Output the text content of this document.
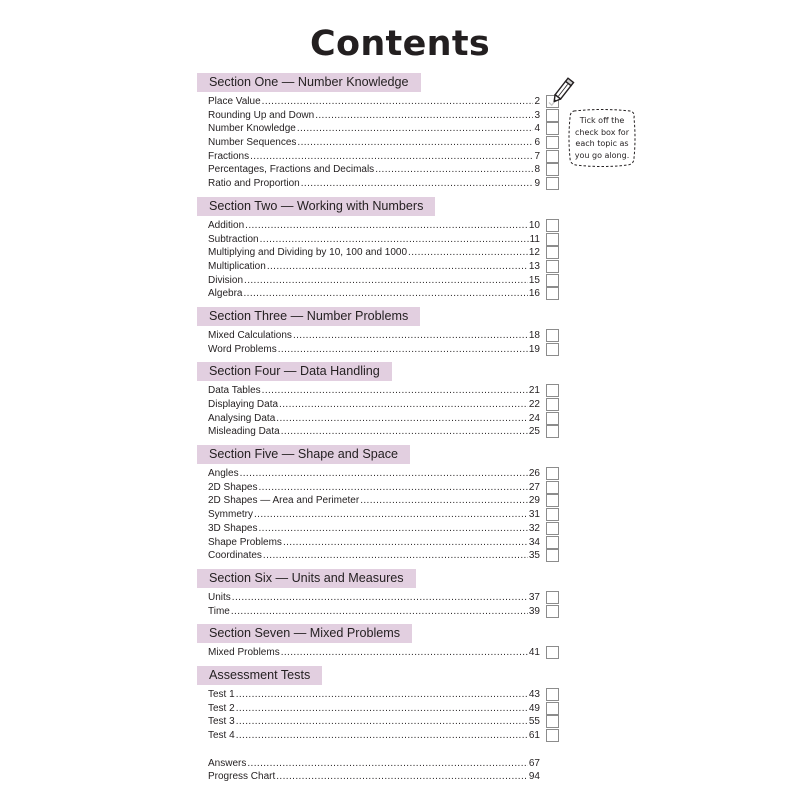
Contents
Section One — Number Knowledge
Place Value .....	2
Rounding Up and Down .....	3
Number Knowledge .....	4
Number Sequences .....	6
Fractions .....	7
Percentages, Fractions and Decimals .....	8
Ratio and Proportion .....	9
Section Two — Working with Numbers
Addition .....	10
Subtraction .....	11
Multiplying and Dividing by 10, 100 and 1000 .....	12
Multiplication .....	13
Division .....	15
Algebra .....	16
Section Three — Number Problems
Mixed Calculations .....	18
Word Problems .....	19
Section Four — Data Handling
Data Tables .....	21
Displaying Data .....	22
Analysing Data .....	24
Misleading Data .....	25
Section Five — Shape and Space
Angles .....	26
2D Shapes .....	27
2D Shapes — Area and Perimeter .....	29
Symmetry .....	31
3D Shapes .....	32
Shape Problems .....	34
Coordinates .....	35
Section Six — Units and Measures
Units .....	37
Time .....	39
Section Seven — Mixed Problems
Mixed Problems .....	41
Assessment Tests
Test 1 .....	43
Test 2 .....	49
Test 3 .....	55
Test 4 .....	61
Answers .....	67
Progress Chart .....	94
Tick off the check box for each topic as you go along.
